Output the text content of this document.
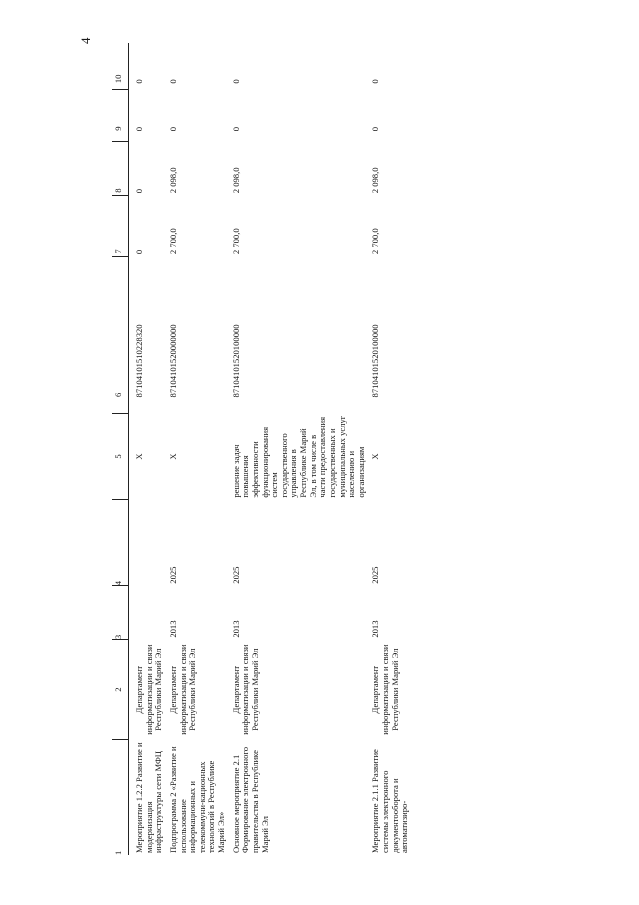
4
1	2	3	4	5	6	7	8	9	10
Мероприятие 1.2.2 Развитие и модернизация инфраструктуры сети МФЦ	Департамент информатизации и связи Республики Марий Эл			Х	87104101510228320	0	0	0	0
Подпрограмма 2 «Развитие и использование информационных и телекоммуни-кационных технологий в Республике Марий Эл»	Департамент информатизации и связи Республики Марий Эл	2013	2025	Х	87104101520000000	2 700,0	2 098,0	0	0
Основное мероприятие 2.1 Формирование электронного правительства в Республике Марий Эл	Департамент информатизации и связи Республики Марий Эл	2013	2025	решение задач повышения эффективности функционирования систем государственного управления в Республике Марий Эл, в том числе в части предоставления государственных и муниципальных услуг населению и организациям	87104101520100000	2 700,0	2 098,0	0	0
Мероприятие 2.1.1 Развитие системы электронного документооборота и автоматизиро-	Департамент информатизации и связи Республики Марий Эл	2013	2025	Х	87104101520100000	2 700,0	2 098,0	0	0
